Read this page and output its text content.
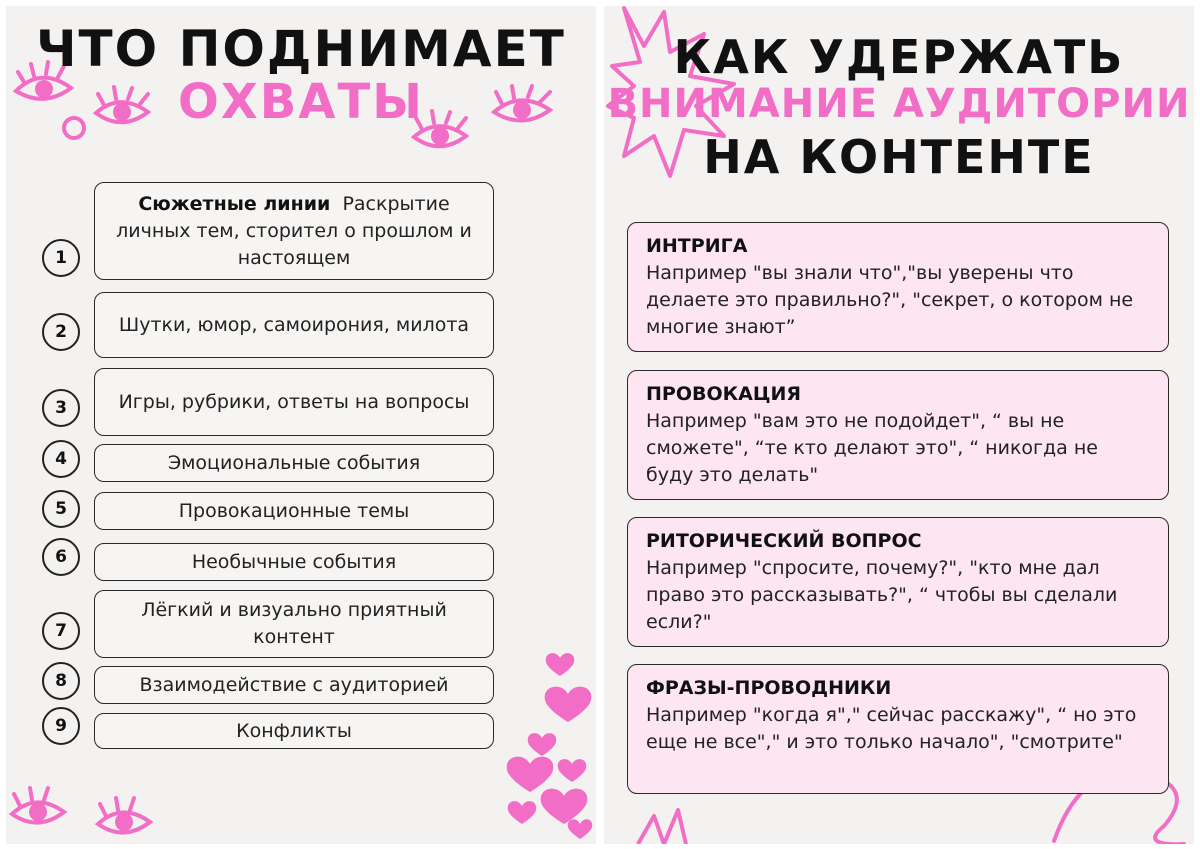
ЧТО ПОДНИМАЕТ
ОХВАТЫ
1
Сюжетные линии Раскрытие личных тем, сторител о прошлом и настоящем
2	Шутки, юмор, самоирония, милота
3	Игры, рубрики, ответы на вопросы
4	Эмоциональные события
5	Провокационные темы
6	Необычные события
7
Лёгкий и визуально приятный контент
8	Взаимодействие с аудиторией
9	Конфликты
КАК УДЕРЖАТЬ
ВНИМАНИЕ АУДИТОРИИ
НА КОНТЕНТЕ
ИНТРИГА
Например "вы знали что","вы уверены что делаете это правильно?", "секрет, о котором не многие знают”
ПРОВОКАЦИЯ
Например "вам это не подойдет", “ вы не сможете", “те кто делают это", “ никогда не буду это делать"
РИТОРИЧЕСКИЙ ВОПРОС
Например "спросите, почему?", "кто мне дал право это рассказывать?", “ чтобы вы сделали если?"
ФРАЗЫ-ПРОВОДНИКИ
Например "когда я"," сейчас расскажу", “ но это еще не все"," и это только начало", "смотрите"
